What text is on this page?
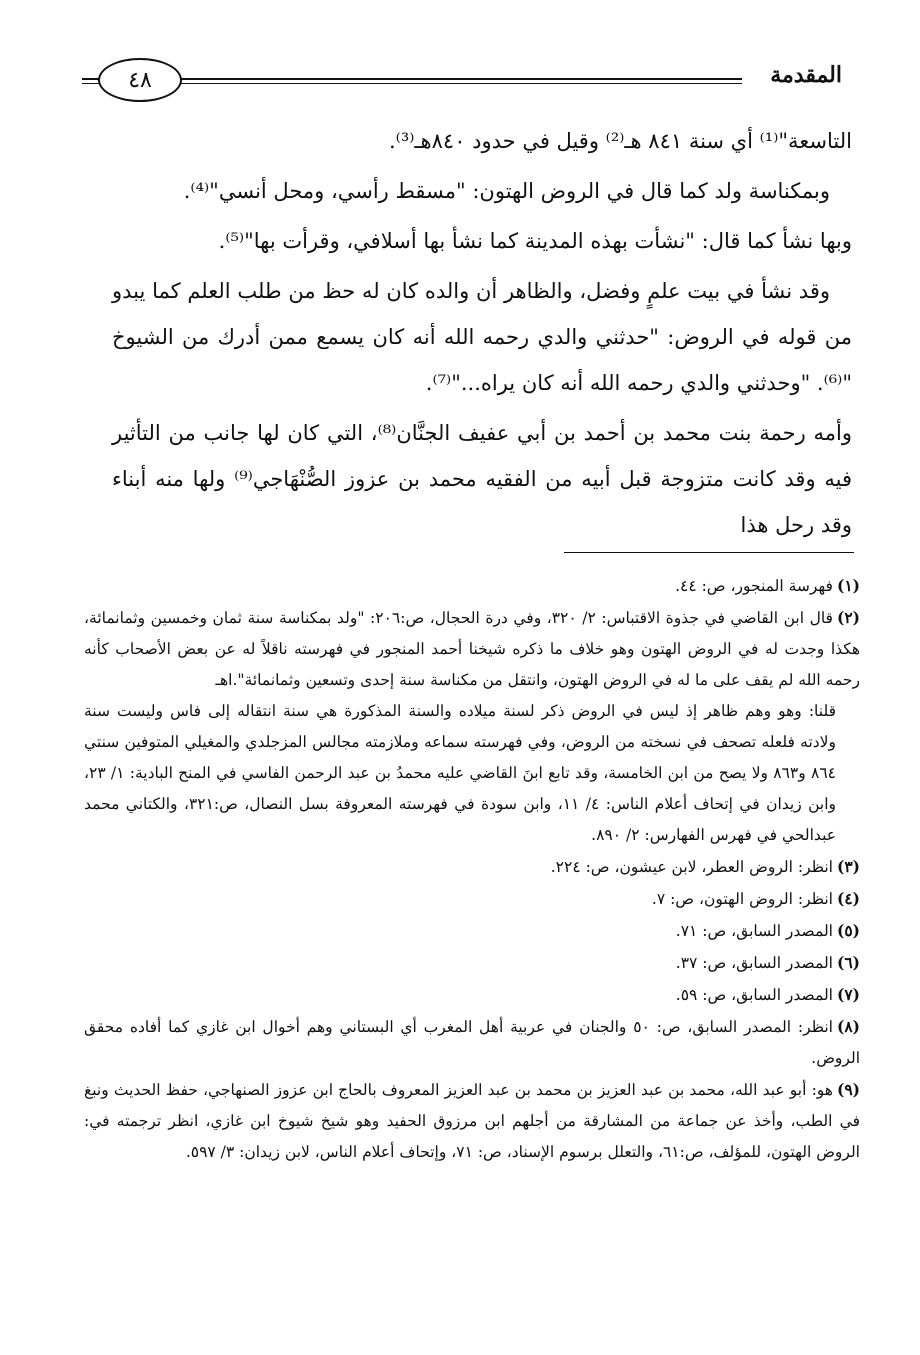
٤٨	المقدمة

التاسعة"⁽¹⁾ أي سنة ٨٤١ هـ⁽²⁾ وقيل في حدود ٨٤٠هـ⁽³⁾.

وبمكناسة ولد كما قال في الروض الهتون: "مسقط رأسي، ومحل أنسي"⁽⁴⁾.

وبها نشأ كما قال: "نشأت بهذه المدينة كما نشأ بها أسلافي، وقرأت بها"⁽⁵⁾.

وقد نشأ في بيت علمٍ وفضل، والظاهر أن والده كان له حظ من طلب العلم كما يبدو من قوله في الروض: "حدثني والدي رحمه الله أنه كان يسمع ممن أدرك من الشيوخ "⁽⁶⁾. "وحدثني والدي رحمه الله أنه كان يراه..."⁽⁷⁾.

وأمه رحمة بنت محمد بن أحمد بن أبي عفيف الجنَّان⁽⁸⁾، التي كان لها جانب من التأثير فيه وقد كانت متزوجة قبل أبيه من الفقيه محمد بن عزوز الصُّنْهَاجي⁽⁹⁾ ولها منه أبناء وقد رحل هذا

(١)فهرسة المنجور، ص: ٤٤.

(٢)قال ابن القاضي في جذوة الاقتباس: ٢/ ٣٢٠، وفي درة الحجال، ص:٢٠٦: "ولد بمكناسة سنة ثمان وخمسين وثمانمائة، هكذا وجدت له في الروض الهتون وهو خلاف ما ذكره شيخنا أحمد المنجور في فهرسته ناقلاً له عن بعض الأصحاب كأنه رحمه الله لم يقف على ما له في الروض الهتون، وانتقل من مكناسة سنة إحدى وتسعين وثمانمائة".اهـ

قلنا: وهو وهم ظاهر إذ ليس في الروض ذكر لسنة ميلاده والسنة المذكورة هي سنة انتقاله إلى فاس وليست سنة ولادته فلعله تصحف في نسخته من الروض، وفي فهرسته سماعه وملازمته مجالس المزجلدي والمغيلي المتوفين سنتي ٨٦٤ و٨٦٣ ولا يصح من ابن الخامسة، وقد تابع ابنَ القاضي عليه محمدُ بن عبد الرحمن الفاسي في المنح البادية: ١/ ٢٣، وابن زيدان في إتحاف أعلام الناس: ٤/ ١١، وابن سودة في فهرسته المعروفة بسل النصال، ص:٣٢١، والكتاني محمد عبدالحي في فهرس الفهارس: ٢/ ٨٩٠.

(٣)انظر: الروض العطر، لابن عيشون، ص: ٢٢٤.

(٤)انظر: الروض الهتون، ص: ٧.

(٥)المصدر السابق، ص: ٧١.

(٦)المصدر السابق، ص: ٣٧.

(٧)المصدر السابق، ص: ٥٩.

(٨)انظر: المصدر السابق، ص: ٥٠ والجنان في عربية أهل المغرب أي البستاني وهم أخوال ابن غازي كما أفاده محقق الروض.

(٩)هو: أبو عبد الله، محمد بن عبد العزيز بن محمد بن عبد العزيز المعروف بالحاج ابن عزوز الصنهاجي، حفظ الحديث ونبغ في الطب، وأخذ عن جماعة من المشارقة من أجلهم ابن مرزوق الحفيد وهو شيخ شيوخ ابن غازي، انظر ترجمته في: الروض الهتون، للمؤلف، ص:٦١، والتعلل برسوم الإسناد، ص: ٧١، وإتحاف أعلام الناس، لابن زيدان: ٣/ ٥٩٧.
